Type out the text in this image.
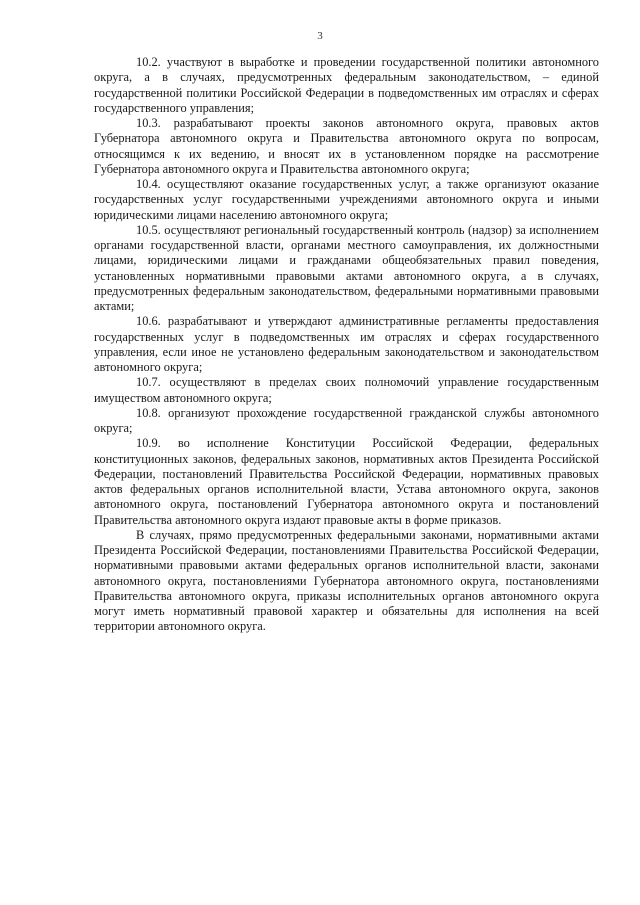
3

10.2. участвуют в выработке и проведении государственной политики автономного округа, а в случаях, предусмотренных федеральным законодательством, – единой государственной политики Российской Федерации в подведомственных им отраслях и сферах государственного управления;

10.3. разрабатывают проекты законов автономного округа, правовых актов Губернатора автономного округа и Правительства автономного округа по вопросам, относящимся к их ведению, и вносят их в установленном порядке на рассмотрение Губернатора автономного округа и Правительства автономного округа;

10.4. осуществляют оказание государственных услуг, а также организуют оказание государственных услуг государственными учреждениями автономного округа и иными юридическими лицами населению автономного округа;

10.5. осуществляют региональный государственный контроль (надзор) за исполнением органами государственной власти, органами местного самоуправления, их должностными лицами, юридическими лицами и гражданами общеобязательных правил поведения, установленных нормативными правовыми актами автономного округа, а в случаях, предусмотренных федеральным законодательством, федеральными нормативными правовыми актами;

10.6. разрабатывают и утверждают административные регламенты предоставления государственных услуг в подведомственных им отраслях и сферах государственного управления, если иное не установлено федеральным законодательством и законодательством автономного округа;

10.7. осуществляют в пределах своих полномочий управление государственным имуществом автономного округа;

10.8. организуют прохождение государственной гражданской службы автономного округа;

10.9. во исполнение Конституции Российской Федерации, федеральных конституционных законов, федеральных законов, нормативных актов Президента Российской Федерации, постановлений Правительства Российской Федерации, нормативных правовых актов федеральных органов исполнительной власти, Устава автономного округа, законов автономного округа, постановлений Губернатора автономного округа и постановлений Правительства автономного округа издают правовые акты в форме приказов.

В случаях, прямо предусмотренных федеральными законами, нормативными актами Президента Российской Федерации, постановлениями Правительства Российской Федерации, нормативными правовыми актами федеральных органов исполнительной власти, законами автономного округа, постановлениями Губернатора автономного округа, постановлениями Правительства автономного округа, приказы исполнительных органов автономного округа могут иметь нормативный правовой характер и обязательны для исполнения на всей территории автономного округа.
